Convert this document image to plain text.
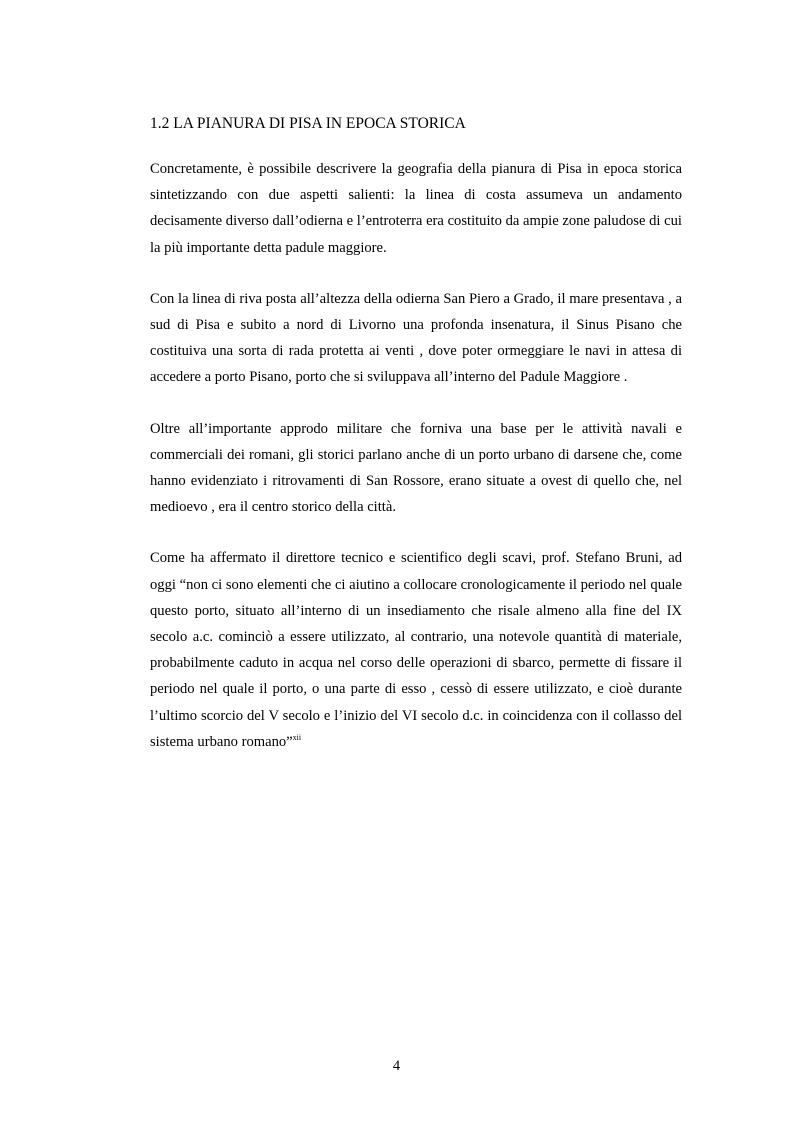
1.2 LA PIANURA DI PISA IN EPOCA STORICA

Concretamente, è possibile descrivere la geografia della pianura di Pisa in epoca storica sintetizzando con due aspetti salienti: la linea di costa assumeva un andamento decisamente diverso dall’odierna e l’entroterra era costituito da ampie zone paludose di cui la più importante detta padule maggiore.

Con la linea di riva posta all’altezza della odierna San Piero a Grado, il mare presentava , a sud di Pisa e subito a nord di Livorno una profonda insenatura, il Sinus Pisano che costituiva una sorta di rada protetta ai venti , dove poter ormeggiare le navi in attesa di accedere a porto Pisano, porto che si sviluppava all’interno del Padule Maggiore .

Oltre all’importante approdo militare che forniva una base per le attività navali e commerciali dei romani, gli storici parlano anche di un porto urbano di darsene che, come hanno evidenziato i ritrovamenti di San Rossore, erano situate a ovest di quello che, nel medioevo , era il centro storico della città.

Come ha affermato il direttore tecnico e scientifico degli scavi, prof. Stefano Bruni, ad oggi “non ci sono elementi che ci aiutino a collocare cronologicamente il periodo nel quale questo porto, situato all’interno di un insediamento che risale almeno alla fine del IX secolo a.c. cominciò a essere utilizzato, al contrario, una notevole quantità di materiale, probabilmente caduto in acqua nel corso delle operazioni di sbarco, permette di fissare il periodo nel quale il porto, o una parte di esso , cessò di essere utilizzato, e cioè durante l’ultimo scorcio del V secolo e l’inizio del VI secolo d.c. in coincidenza con il collasso del sistema urbano romano”$^{xii}$

4
